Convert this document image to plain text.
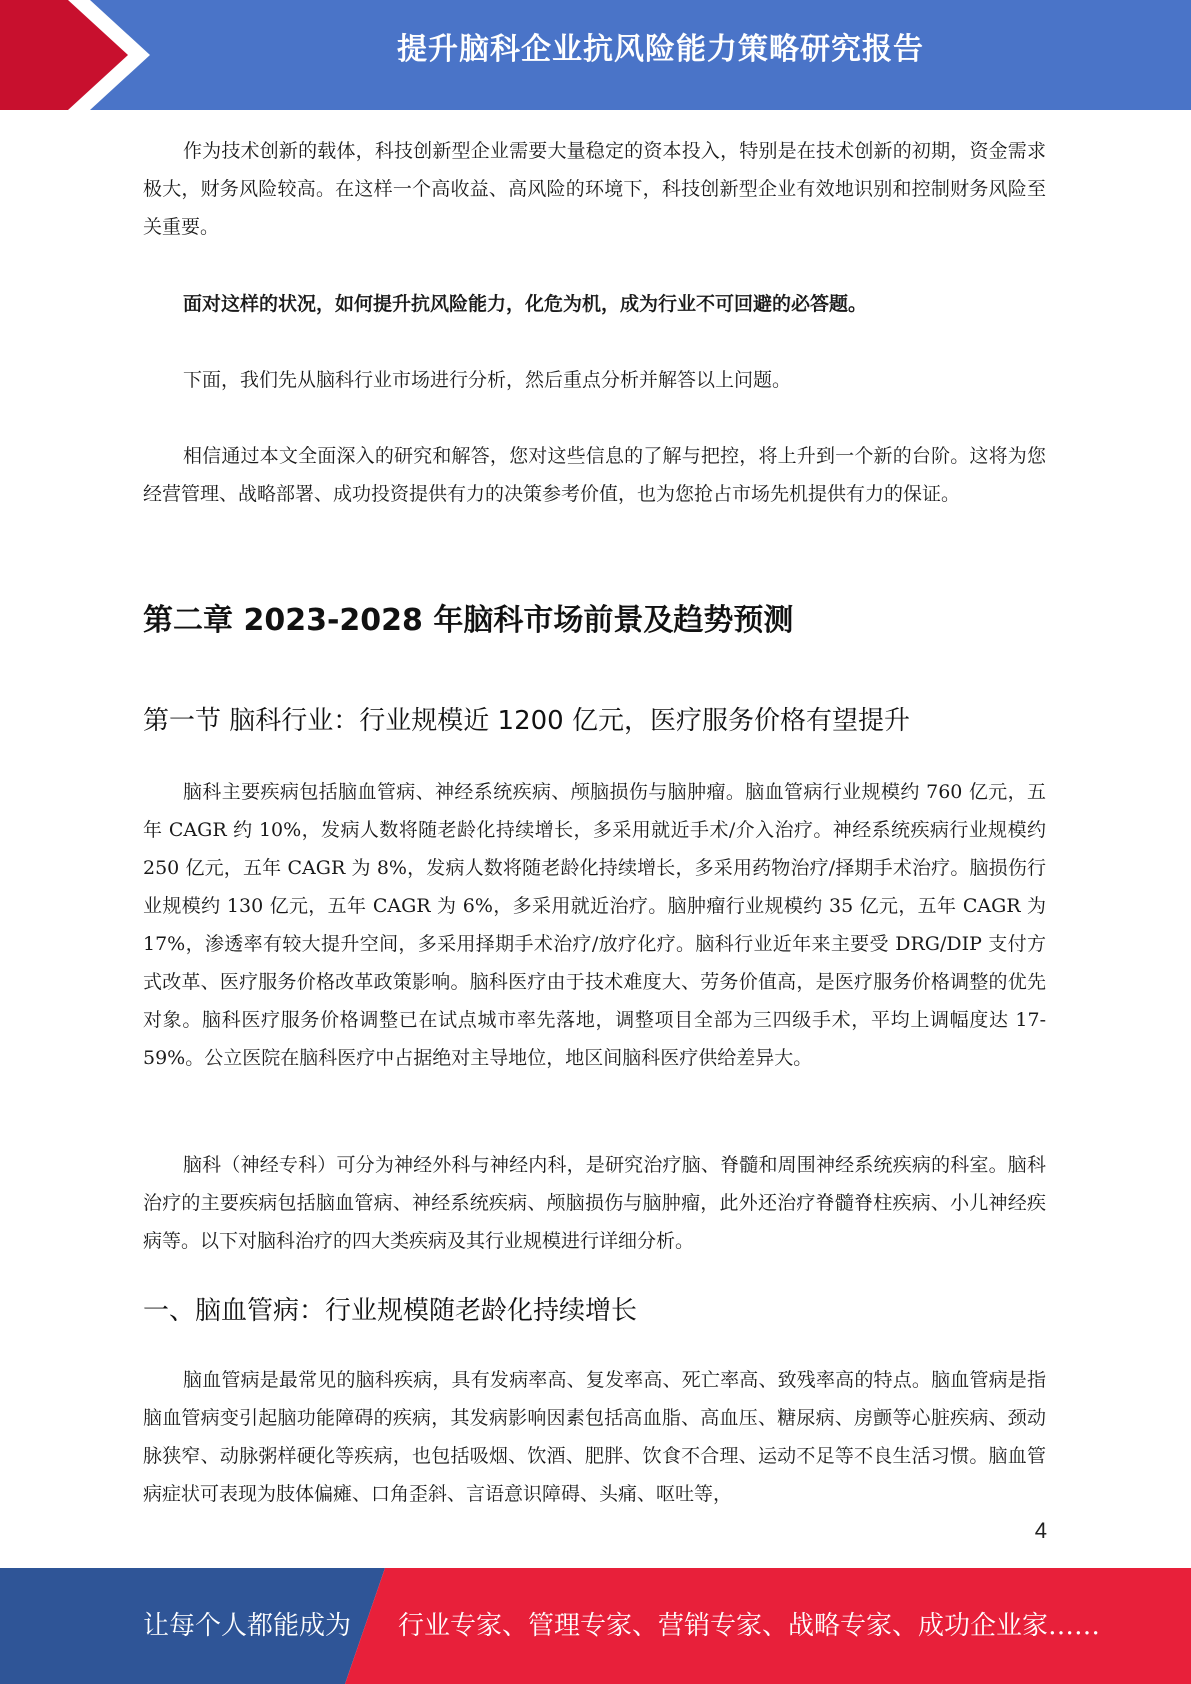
提升脑科企业抗风险能力策略研究报告

作为技术创新的载体，科技创新型企业需要大量稳定的资本投入，特别是在技术创新的初期，资金需求极大，财务风险较高。在这样一个高收益、高风险的环境下，科技创新型企业有效地识别和控制财务风险至关重要。

面对这样的状况，如何提升抗风险能力，化危为机，成为行业不可回避的必答题。

下面，我们先从脑科行业市场进行分析，然后重点分析并解答以上问题。

相信通过本文全面深入的研究和解答，您对这些信息的了解与把控，将上升到一个新的台阶。这将为您经营管理、战略部署、成功投资提供有力的决策参考价值，也为您抢占市场先机提供有力的保证。

第二章 2023-2028 年脑科市场前景及趋势预测
第一节 脑科行业：行业规模近 1200 亿元，医疗服务价格有望提升

脑科主要疾病包括脑血管病、神经系统疾病、颅脑损伤与脑肿瘤。脑血管病行业规模约 760 亿元，五年 CAGR 约 10%，发病人数将随老龄化持续增长，多采用就近手术/介入治疗。神经系统疾病行业规模约 250 亿元，五年 CAGR 为 8%，发病人数将随老龄化持续增长，多采用药物治疗/择期手术治疗。脑损伤行业规模约 130 亿元，五年 CAGR 为 6%，多采用就近治疗。脑肿瘤行业规模约 35 亿元，五年 CAGR 为 17%，渗透率有较大提升空间，多采用择期手术治疗/放疗化疗。脑科行业近年来主要受 DRG/DIP 支付方式改革、医疗服务价格改革政策影响。脑科医疗由于技术难度大、劳务价值高，是医疗服务价格调整的优先对象。脑科医疗服务价格调整已在试点城市率先落地，调整项目全部为三四级手术，平均上调幅度达 17-59%。公立医院在脑科医疗中占据绝对主导地位，地区间脑科医疗供给差异大。

脑科（神经专科）可分为神经外科与神经内科，是研究治疗脑、脊髓和周围神经系统疾病的科室。脑科治疗的主要疾病包括脑血管病、神经系统疾病、颅脑损伤与脑肿瘤，此外还治疗脊髓脊柱疾病、小儿神经疾病等。以下对脑科治疗的四大类疾病及其行业规模进行详细分析。

一、脑血管病：行业规模随老龄化持续增长

脑血管病是最常见的脑科疾病，具有发病率高、复发率高、死亡率高、致残率高的特点。脑血管病是指脑血管病变引起脑功能障碍的疾病，其发病影响因素包括高血脂、高血压、糖尿病、房颤等心脏疾病、颈动脉狭窄、动脉粥样硬化等疾病，也包括吸烟、饮酒、肥胖、饮食不合理、运动不足等不良生活习惯。脑血管病症状可表现为肢体偏瘫、口角歪斜、言语意识障碍、头痛、呕吐等，

4
让每个人都能成为 行业专家、管理专家、营销专家、战略专家、成功企业家……
